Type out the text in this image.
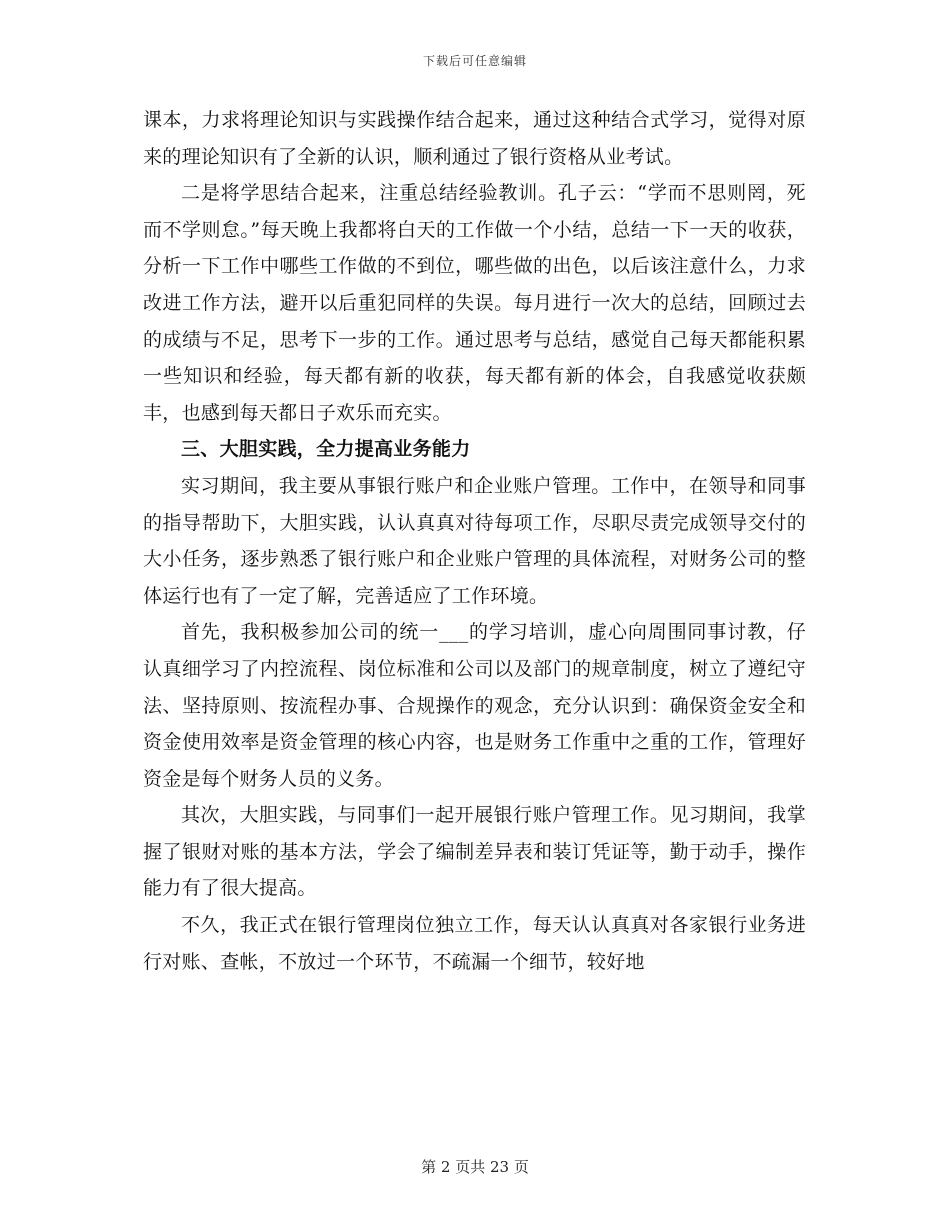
下载后可任意编辑

课本，力求将理论知识与实践操作结合起来，通过这种结合式学习，觉得对原来的理论知识有了全新的认识，顺利通过了银行资格从业考试。

二是将学思结合起来，注重总结经验教训。孔子云：“学而不思则罔，死而不学则怠。”每天晚上我都将白天的工作做一个小结，总结一下一天的收获，分析一下工作中哪些工作做的不到位，哪些做的出色，以后该注意什么，力求改进工作方法，避开以后重犯同样的失误。每月进行一次大的总结，回顾过去的成绩与不足，思考下一步的工作。通过思考与总结，感觉自己每天都能积累一些知识和经验，每天都有新的收获，每天都有新的体会，自我感觉收获颇丰，也感到每天都日子欢乐而充实。

三、大胆实践，全力提高业务能力

实习期间，我主要从事银行账户和企业账户管理。工作中，在领导和同事的指导帮助下，大胆实践，认认真真对待每项工作，尽职尽责完成领导交付的大小任务，逐步熟悉了银行账户和企业账户管理的具体流程，对财务公司的整体运行也有了一定了解，完善适应了工作环境。

首先，我积极参加公司的统一___的学习培训，虚心向周围同事讨教，仔认真细学习了内控流程、岗位标准和公司以及部门的规章制度，树立了遵纪守法、坚持原则、按流程办事、合规操作的观念，充分认识到：确保资金安全和资金使用效率是资金管理的核心内容，也是财务工作重中之重的工作，管理好资金是每个财务人员的义务。

其次，大胆实践，与同事们一起开展银行账户管理工作。见习期间，我掌握了银财对账的基本方法，学会了编制差异表和装订凭证等，勤于动手，操作能力有了很大提高。

不久，我正式在银行管理岗位独立工作，每天认认真真对各家银行业务进行对账、查帐，不放过一个环节，不疏漏一个细节，较好地

第 2 页共 23 页
